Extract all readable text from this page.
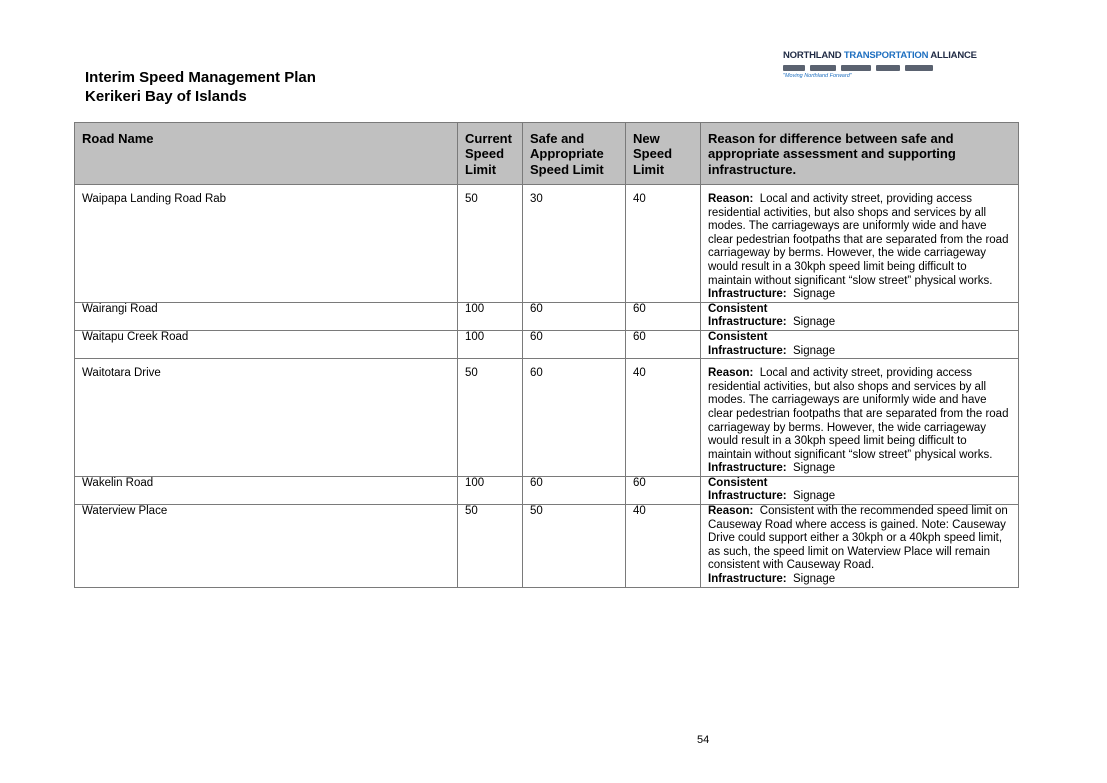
Interim Speed Management Plan
Kerikeri Bay of Islands
NORTHLAND TRANSPORTATION ALLIANCE
"Moving Northland Forward"
Road Name	Current Speed Limit	Safe and Appropriate Speed Limit	New Speed Limit	Reason for difference between safe and appropriate assessment and supporting infrastructure.

Waipapa Landing Road Rab	50	30	40	Reason: Local and activity street, providing access residential activities, but also shops and services by all modes. The carriageways are uniformly wide and have clear pedestrian footpaths that are separated from the road carriageway by berms. However, the wide carriageway would result in a 30kph speed limit being difficult to maintain without significant “slow street” physical works.
Infrastructure: Signage
Wairangi Road	100	60	60	Consistent
Infrastructure: Signage
Waitapu Creek Road	100	60	60	Consistent
Infrastructure: Signage

Waitotara Drive	50	60	40	Reason: Local and activity street, providing access residential activities, but also shops and services by all modes. The carriageways are uniformly wide and have clear pedestrian footpaths that are separated from the road carriageway by berms. However, the wide carriageway would result in a 30kph speed limit being difficult to maintain without significant “slow street” physical works.
Infrastructure: Signage
Wakelin Road	100	60	60	Consistent
Infrastructure: Signage
Waterview Place	50	50	40	Reason: Consistent with the recommended speed limit on Causeway Road where access is gained. Note: Causeway Drive could support either a 30kph or a 40kph speed limit, as such, the speed limit on Waterview Place will remain consistent with Causeway Road.
Infrastructure: Signage
54
